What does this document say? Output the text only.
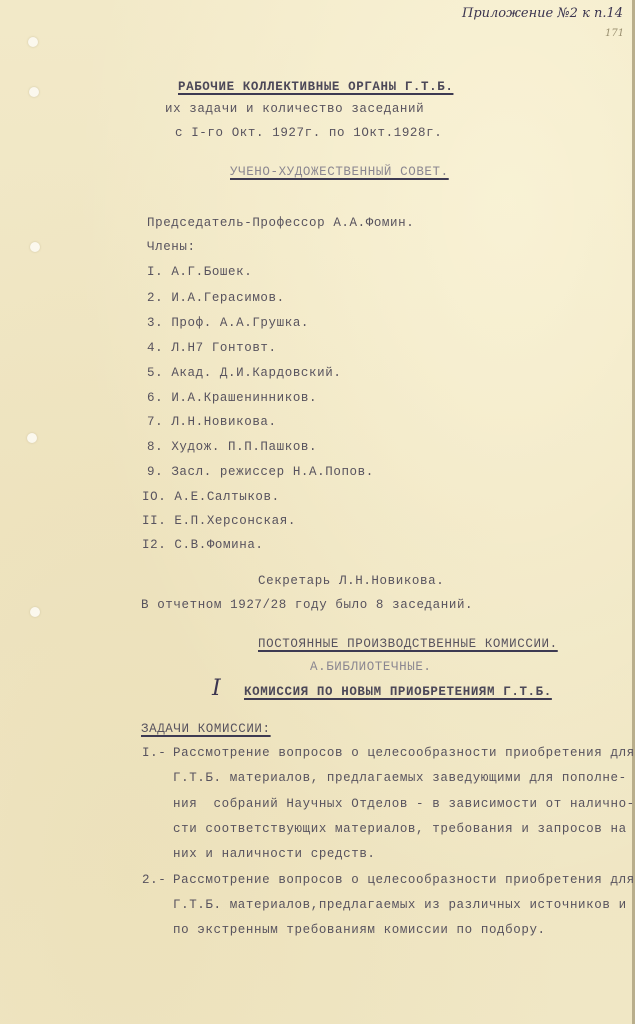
Приложение №2 к п.14
171
РАБОЧИЕ КОЛЛЕКТИВНЫЕ ОРГАНЫ Г.Т.Б.
их задачи и количество заседаний
с I-го Окт. 1927г. по 1Окт.1928г.
УЧЕНО-ХУДОЖЕСТВЕННЫЙ СОВЕТ.
Председатель-Профессор А.А.Фомин.
Члены:
I. А.Г.Бошек.
2. И.А.Герасимов.
3. Проф. А.А.Грушка.
4. Л.Н7 Гонтовт.
5. Акад. Д.И.Кардовский.
6. И.А.Крашенинников.
7. Л.Н.Новикова.
8. Худож. П.П.Пашков.
9. Засл. режиссер Н.А.Попов.
IO. А.Е.Салтыков.
II. Е.П.Херсонская.
I2. С.В.Фомина.
Секретарь Л.Н.Новикова.
В отчетном 1927/28 году было 8 заседаний.
ПОСТОЯННЫЕ ПРОИЗВОДСТВЕННЫЕ КОМИССИИ.
А.БИБЛИОТЕЧНЫЕ.
I КОМИССИЯ ПО НОВЫМ ПРИОБРЕТЕНИЯМ Г.Т.Б.
ЗАДАЧИ КОМИССИИ:
I.- Рассмотрение вопросов о целесообразности приобретения для
Г.Т.Б. материалов, предлагаемых заведующими для пополне-
ния  собраний Научных Отделов - в зависимости от наличнo-
сти соответствующих материалов, требования и запросов на
них и наличности средств.
2.- Рассмотрение вопросов о целесообразности приобретения для
Г.Т.Б. материалов,предлагаемых из различных источников и
по экстренным требованиям комиссии по подбору.
